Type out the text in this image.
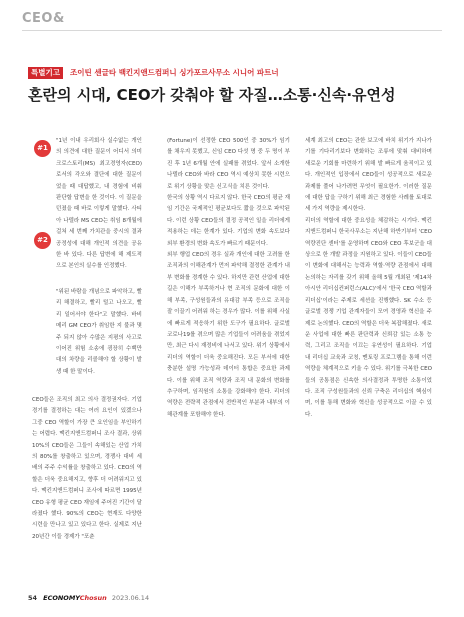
CEO&
특별기고	조이틴 센글타 백킨지앤드컴퍼니 싱가포르사무소 시니어 파트너
혼란의 시대, CEO가 갖춰야 할 자질…소통·신속·유연성
#1
#2

"1년 이내 우리회사 실수없는 개인의 의견에 대한 질문이 어디서 의미 크로스토리(MS) 최고경영자(CEO)로서의 각오와 결단에 대한 질문이었을 때 대답했고, 내 경험에 비춰 판단할 답변을 한 것이다. 이 질문을 던졌을 때 바로 이렇게 말했다. 사티아 나델라 MS CEO는 취임 8개월에 걸쳐 세 번째 가치관을 중시의 결과 공정성에 대해 개인적 의견을 공유한 바 있다. 다른 답변에 해 제도적으로 본인의 실수를 인정했다.

"위된 바람을 개념으로 파악하고, 빨리 해결하고, 빨리 털고 나오고, 빨리 일어서야 한다"고 말했다. 바비 메리 GM CEO가 취임한 지 불과 몇 주 되지 않아 수많은 지평의 사고로 이어진 위험 소송에 굉장히 수백만 대의 차량을 리콜해야 할 상황이 발생 때 한 말이다.

CEO들은 조직의 최고 의사 결정권자다. 기업 경기를 결정하는 대는 여러 요인이 있겠으나 그중 CEO 역할이 가장 큰 요인임을 부인하기는 어렵다. 맥킨지앤드컴퍼니 조사 결과, 상위 10%의 CEO들은 그들이 속해있는 산업 가치의 80%를 창출하고 있으며, 경쟁사 대비 세 배의 주주 수익률을 창출하고 있다. CEO의 역할은 더욱 중요해지고, 향후 더 어려워지고 있다. 맥킨지앤드컴퍼니 조사에 따르면 1995년 CEO 유형 평균 CEO 재임에 주어진 기간이 달라졌다 했다. 90%의 CEO는 현재도 다양한 시련을 만나고 있고 있다고 한다. 실제로 지난 20년간 이들 경제가 "포춘

(Fortune)이 선정한 CEO 500인 중 30%가 임기를 채우지 못했고, 신임 CEO 다섯 명 중 두 명이 부진 후 1년 6개월 안에 실패를 겪었다. 앞서 소개한 나델라 CEO와 바라 CEO 역시 예상치 못한 시련으로 위기 상황을 맞은 신고식을 치른 것이다.
한국의 상황 역시 다르지 않다. 한국 CEO의 평균 재임 기간은 국제적인 평균보다도 짧을 것으로 파악된다. 이런 상황 CEO들의 결정 공적인 일을 리더에게 적용하는 데는 한계가 있다. 기업의 변화 속도보다 외부 환경의 변화 속도가 빠르기 때문이다.
외부 행업 CEO의 경우 실과 개인에 대한 고려를 한 조직과의 이해관계가 먼저 파악해 결정한 관계가 내부 변화를 경계한 수 있다. 하지만 관련 산업에 대한 길은 이해가 부족하거나 현 조직의 문화에 대한 이해 부족, 구성원들과의 유대감 부족 등으로 조직을 잘 이끌기 어려워 하는 경우가 많다. 이를 위해 사실에 빠르게 적응하기 위한 도구가 필요하다. 글로벌 코로나19를 겪으며 많은 기업들이 어려움을 겪었지만, 최근 다시 재정비에 나서고 있다. 위기 상황에서 리더의 역할이 더욱 중요해진다. 모든 부서에 대한 충분한 설명 가능성과 데이터 통합은 중요한 과제다. 이를 위해 조직 역량과 조직 내 문화의 변화를 추구하며, 임직원의 소통을 강화해야 한다. 리더의 역량은 전략적 관점에서 전반적인 부분과 내부의 이해관계를 포함해야 한다.

세계 최고의 CEO는 관한 보고에 바치 위기가 지나가기를 기다리기보다 변화하는 조류에 맞춰 대비하며 새로운 기회를 마련하기 위해 발 빠르게 움직이고 있다. 개인적인 입장에서 CEO들이 성공적으로 새로운 과제를 풀어 나가려면 무엇이 필요한가. 이러한 질문에 대한 답을 구하기 위해 최근 경험한 사례를 토대로 세 가지 역량을 제시한다.
리더의 역할에 대한 중요성을 체감하는 시기다. 맥킨지앤드컴퍼니 한국사무소는 지난해 하반기부터 'CEO 역량진단 센터'를 운영하며 CEO와 CEO 후보군을 대상으로 한 개발 과정을 지원하고 있다. 이들이 CEO들이 변화에 대해서는 능력과 역할·역량 관점에서 대해 논의하는 자리를 갖기 위해 올해 5월 개최된 '제14차 아시안 리더십컨퍼런스(ALC)'에서 '한국 CEO 역할과 리더십'이라는 주제로 세션을 진행했다. SK 수소 등 글로벌 경쟁 기업 관계자들이 모여 경영과 혁신을 주제로 논의했다. CEO의 역할은 더욱 복잡해졌다. 새로운 사업에 대한 빠른 판단력과 신뢰감 있는 소통 능력, 그리고 조직을 이끄는 유연성이 필요하다. 기업 내 리더십 교육과 코칭, 멘토링 프로그램을 통해 이런 역량을 체계적으로 키울 수 있다. 위기를 극복한 CEO들의 공통점은 신속한 의사결정과 투명한 소통이었다. 조직 구성원들과의 신뢰 구축은 리더십의 핵심이며, 이를 통해 변화와 혁신을 성공적으로 이끌 수 있다.

54 ECONOMYChosun 2023.06.14
